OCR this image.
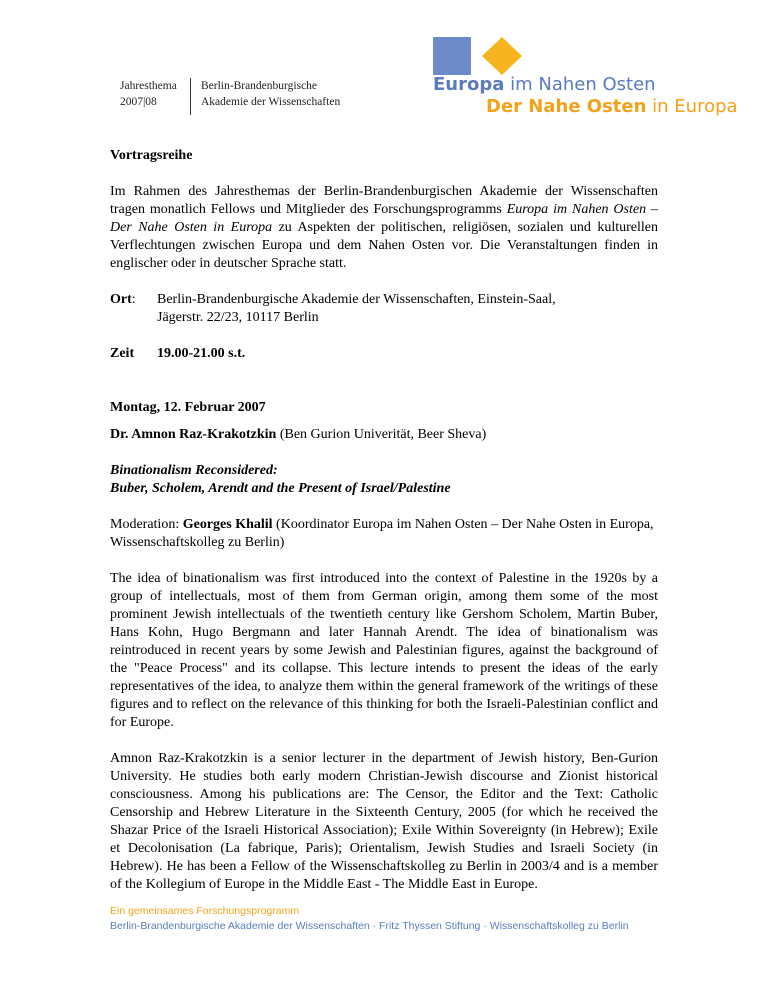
Jahresthema
2007|08
Berlin-Brandenburgische
Akademie der Wissenschaften
Europa im Nahen Osten
Der Nahe Osten in Europa

Vortragsreihe

Im Rahmen des Jahresthemas der Berlin-Brandenburgischen Akademie der Wissenschaften tragen monatlich Fellows und Mitglieder des Forschungsprogramms Europa im Nahen Osten – Der Nahe Osten in Europa zu Aspekten der politischen, religiösen, sozialen und kulturellen Verflechtungen zwischen Europa und dem Nahen Osten vor. Die Veranstaltungen finden in englischer oder in deutscher Sprache statt.

Ort:	Berlin-Brandenburgische Akademie der Wissenschaften, Einstein-Saal,
Jägerstr. 22/23, 10117 Berlin
Zeit	19.00-21.00 s.t.

Montag, 12. Februar 2007

Dr. Amnon Raz-Krakotzkin (Ben Gurion Univerität, Beer Sheva)

Binationalism Reconsidered:
Buber, Scholem, Arendt and the Present of Israel/Palestine

Moderation: Georges Khalil (Koordinator Europa im Nahen Osten – Der Nahe Osten in Europa, Wissenschaftskolleg zu Berlin)

The idea of binationalism was first introduced into the context of Palestine in the 1920s by a group of intellectuals, most of them from German origin, among them some of the most prominent Jewish intellectuals of the twentieth century like Gershom Scholem, Martin Buber, Hans Kohn, Hugo Bergmann and later Hannah Arendt. The idea of binationalism was reintroduced in recent years by some Jewish and Palestinian figures, against the background of the "Peace Process" and its collapse. This lecture intends to present the ideas of the early representatives of the idea, to analyze them within the general framework of the writings of these figures and to reflect on the relevance of this thinking for both the Israeli-Palestinian conflict and for Europe.

Amnon Raz-Krakotzkin is a senior lecturer in the department of Jewish history, Ben-Gurion University. He studies both early modern Christian-Jewish discourse and Zionist historical consciousness. Among his publications are: The Censor, the Editor and the Text: Catholic Censorship and Hebrew Literature in the Sixteenth Century, 2005 (for which he received the Shazar Price of the Israeli Historical Association); Exile Within Sovereignty (in Hebrew); Exile et Decolonisation (La fabrique, Paris); Orientalism, Jewish Studies and Israeli Society (in Hebrew). He has been a Fellow of the Wissenschaftskolleg zu Berlin in 2003/4 and is a member of the Kollegium of Europe in the Middle East - The Middle East in Europe.

Ein gemeinsames Forschungsprogramm
Berlin-Brandenburgische Akademie der Wissenschaften · Fritz Thyssen Stiftung · Wissenschaftskolleg zu Berlin
